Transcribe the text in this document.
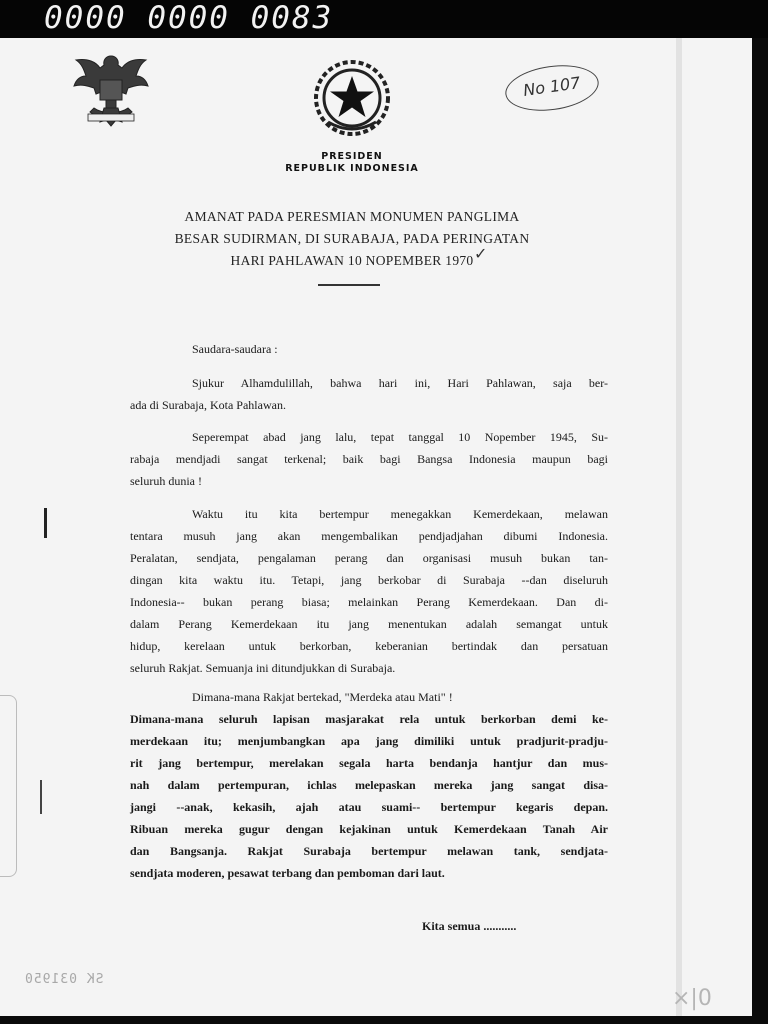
0000 0000 0083
No 107
PRESIDEN
REPUBLIK INDONESIA
AMANAT PADA PERESMIAN MONUMEN PANGLIMA
BESAR SUDIRMAN, DI SURABAJA, PADA PERINGATAN
HARI PAHLAWAN 10 NOPEMBER 1970 ✓
Saudara-saudara :
Sjukur Alhamdulillah, bahwa hari ini, Hari Pahlawan, saja ber-
ada di Surabaja, Kota Pahlawan.
Seperempat abad jang lalu, tepat tanggal 10 Nopember 1945, Su-
rabaja mendjadi sangat terkenal; baik bagi Bangsa Indonesia maupun bagi
seluruh dunia !
Waktu itu kita bertempur menegakkan Kemerdekaan, melawan
tentara musuh jang akan mengembalikan pendjadjahan dibumi Indonesia.
Peralatan, sendjata, pengalaman perang dan organisasi musuh bukan tan-
dingan kita waktu itu. Tetapi, jang berkobar di Surabaja --dan diseluruh
Indonesia-- bukan perang biasa; melainkan Perang Kemerdekaan. Dan di-
dalam Perang Kemerdekaan itu jang menentukan adalah semangat untuk
hidup, kerelaan untuk berkorban, keberanian bertindak dan persatuan
seluruh Rakjat. Semuanja ini ditundjukkan di Surabaja.
Dimana-mana Rakjat bertekad, "Merdeka atau Mati" !
Dimana-mana seluruh lapisan masjarakat rela untuk berkorban demi ke-
merdekaan itu; menjumbangkan apa jang dimiliki untuk pradjurit-pradju-
rit jang bertempur, merelakan segala harta bendanja hantjur dan mus-
nah dalam pertempuran, ichlas melepaskan mereka jang sangat disa-
jangi --anak, kekasih, ajah atau suami-- bertempur kegaris depan.
Ribuan mereka gugur dengan kejakinan untuk Kemerdekaan Tanah Air
dan Bangsanja. Rakjat Surabaja bertempur melawan tank, sendjata-
sendjata moderen, pesawat terbang dan pemboman dari laut.
Kita semua ...........
SK 031950
×|0
